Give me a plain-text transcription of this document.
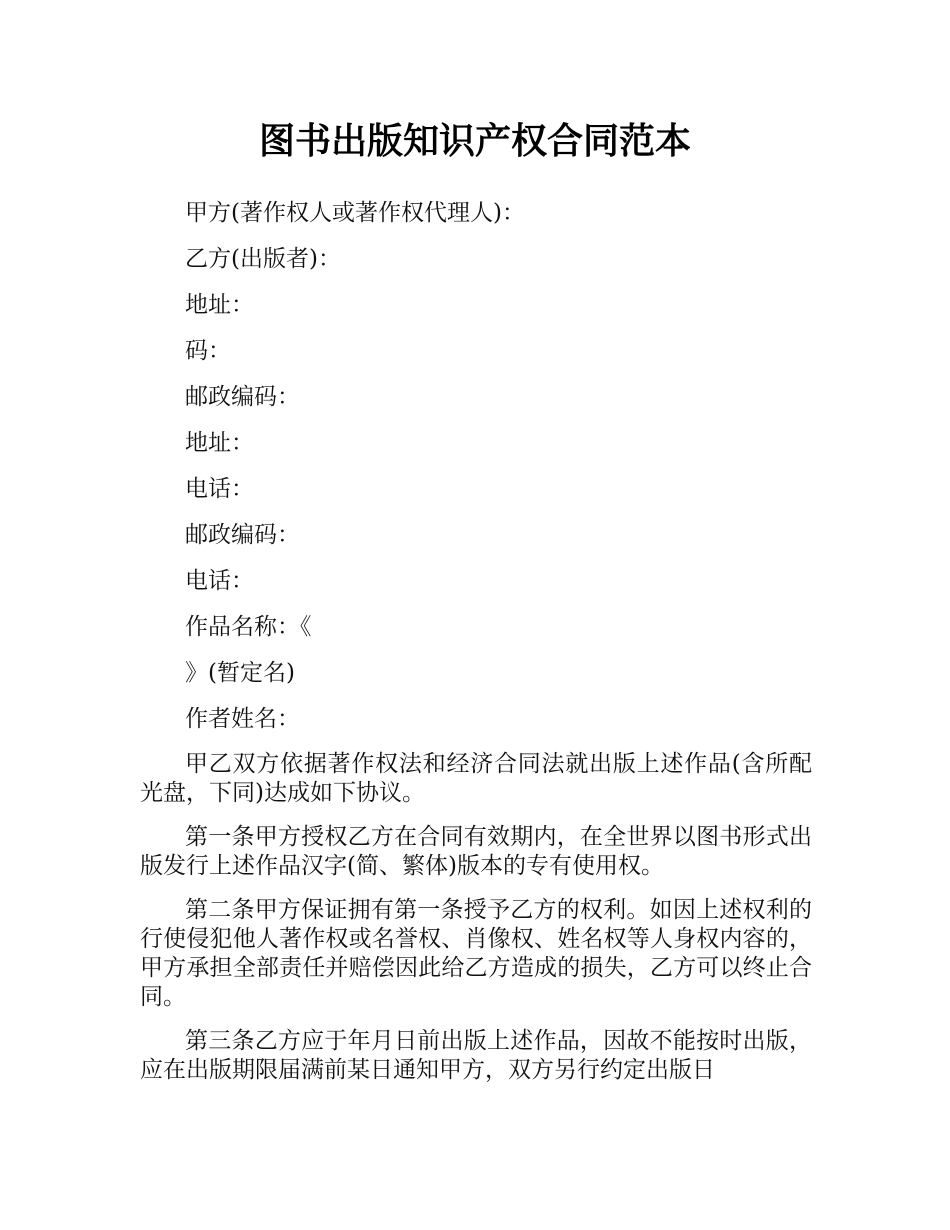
图书出版知识产权合同范本
甲方(著作权人或著作权代理人)：
乙方(出版者)：
地址：
码：
邮政编码：
地址：
电话：
邮政编码：
电话：
作品名称：《
》(暂定名)
作者姓名：

甲乙双方依据著作权法和经济合同法就出版上述作品(含所配光盘，下同)达成如下协议。

第一条甲方授权乙方在合同有效期内，在全世界以图书形式出版发行上述作品汉字(简、繁体)版本的专有使用权。

第二条甲方保证拥有第一条授予乙方的权利。如因上述权利的行使侵犯他人著作权或名誉权、肖像权、姓名权等人身权内容的，甲方承担全部责任并赔偿因此给乙方造成的损失，乙方可以终止合同。

第三条乙方应于年月日前出版上述作品，因故不能按时出版，应在出版期限届满前某日通知甲方，双方另行约定出版日
